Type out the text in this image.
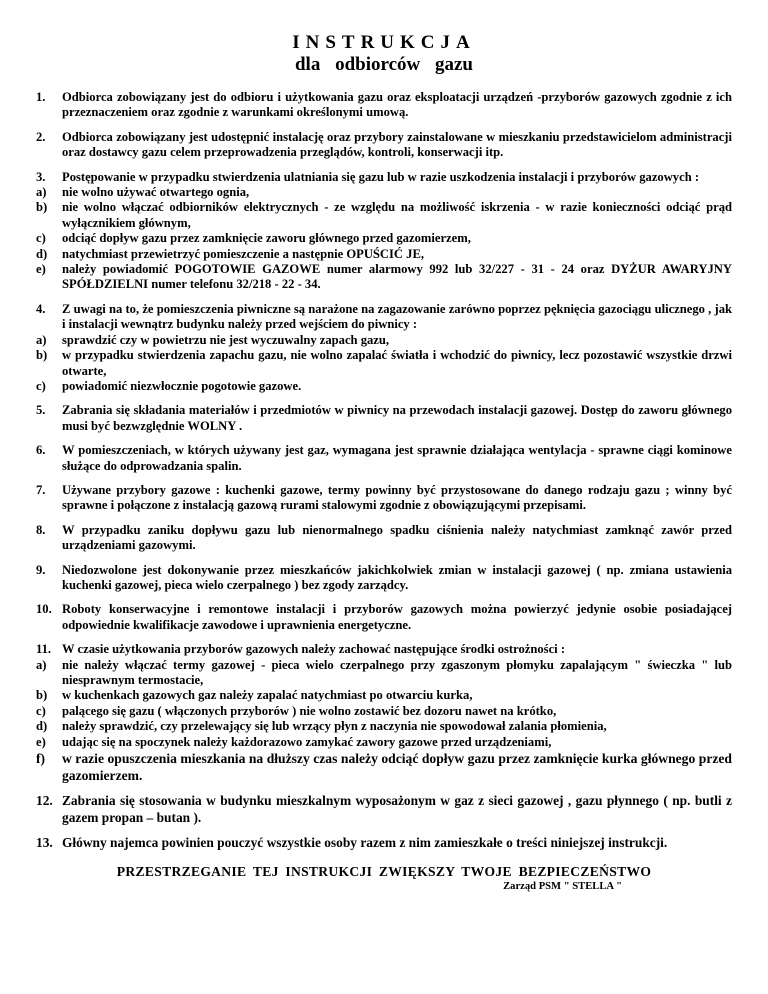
INSTRUKCJA
dla odbiorców gazu
1. Odbiorca zobowiązany jest do odbioru i użytkowania gazu oraz eksploatacji urządzeń -przyborów gazowych zgodnie z ich przeznaczeniem oraz zgodnie z warunkami określonymi umową.
2. Odbiorca zobowiązany jest udostępnić instalację oraz przybory zainstalowane w mieszkaniu przedstawicielom administracji oraz dostawcy gazu celem przeprowadzenia przeglądów, kontroli, konserwacji itp.
3. Postępowanie w przypadku stwierdzenia ulatniania się gazu lub w razie uszkodzenia instalacji i przyborów gazowych :
a) nie wolno używać otwartego ognia,
b) nie wolno włączać odbiorników elektrycznych - ze względu na możliwość iskrzenia - w razie konieczności odciąć prąd wyłącznikiem głównym,
c) odciąć dopływ gazu przez zamknięcie zaworu głównego przed gazomierzem,
d) natychmiast przewietrzyć pomieszczenie a następnie OPUŚCIĆ JE,
e) należy powiadomić POGOTOWIE GAZOWE numer alarmowy 992 lub 32/227 - 31 - 24 oraz DYŻUR AWARYJNY SPÓŁDZIELNI numer telefonu 32/218 - 22 - 34.
4. Z uwagi na to, że pomieszczenia piwniczne są narażone na zagazowanie zarówno poprzez pęknięcia gazociągu ulicznego , jak i instalacji wewnątrz budynku należy przed wejściem do piwnicy :
a) sprawdzić czy w powietrzu nie jest wyczuwalny zapach gazu,
b) w przypadku stwierdzenia zapachu gazu, nie wolno zapalać światła i wchodzić do piwnicy, lecz pozostawić wszystkie drzwi otwarte,
c) powiadomić niezwłocznie pogotowie gazowe.
5. Zabrania się składania materiałów i przedmiotów w piwnicy na przewodach instalacji gazowej. Dostęp do zaworu głównego musi być bezwzględnie WOLNY .
6. W pomieszczeniach, w których używany jest gaz, wymagana jest sprawnie działająca wentylacja - sprawne ciągi kominowe służące do odprowadzania spalin.
7. Używane przybory gazowe : kuchenki gazowe, termy powinny być przystosowane do danego rodzaju gazu ; winny być sprawne i połączone z instalacją gazową rurami stalowymi zgodnie z obowiązującymi przepisami.
8. W przypadku zaniku dopływu gazu lub nienormalnego spadku ciśnienia należy natychmiast zamknąć zawór przed urządzeniami gazowymi.
9. Niedozwolone jest dokonywanie przez mieszkańców jakichkolwiek zmian w instalacji gazowej ( np. zmiana ustawienia kuchenki gazowej, pieca wielo czerpalnego ) bez zgody zarządcy.
10. Roboty konserwacyjne i remontowe instalacji i przyborów gazowych można powierzyć jedynie osobie posiadającej odpowiednie kwalifikacje zawodowe i uprawnienia energetyczne.
11. W czasie użytkowania przyborów gazowych należy zachować następujące środki ostrożności :
a) nie należy włączać termy gazowej - pieca wielo czerpalnego przy zgaszonym płomyku zapalającym " świeczka " lub niesprawnym termostacie,
b) w kuchenkach gazowych gaz należy zapalać natychmiast po otwarciu kurka,
c) palącego się gazu ( włączonych przyborów ) nie wolno zostawić bez dozoru nawet na krótko,
d) należy sprawdzić, czy przelewający się lub wrzący płyn z naczynia nie spowodował zalania płomienia,
e) udając się na spoczynek należy każdorazowo zamykać zawory gazowe przed urządzeniami,
f) w razie opuszczenia mieszkania na dłuższy czas należy odciąć dopływ gazu przez zamknięcie kurka głównego przed gazomierzem.
12. Zabrania się stosowania w budynku mieszkalnym wyposażonym w gaz z sieci gazowej , gazu płynnego ( np. butli z gazem propan – butan ).
13. Główny najemca powinien pouczyć wszystkie osoby razem z nim zamieszkałe o treści niniejszej instrukcji.
PRZESTRZEGANIE TEJ INSTRUKCJI ZWIĘKSZY TWOJE BEZPIECZEŃSTWO
Zarząd PSM " STELLA "
